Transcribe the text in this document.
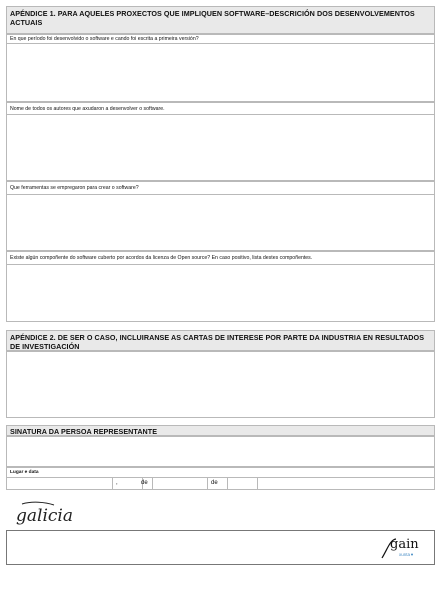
APÉNDICE 1. PARA AQUELES PROXECTOS QUE IMPLIQUEN SOFTWARE–DESCRICIÓN DOS DESENVOLVEMENTOS ACTUAIS
En que período foi desenvolvido o software e cando foi escrita a primeira versión?
Nome de todos os autores que axudaron a desenvolver o software.
Que ferramentas se empregaron para crear o software?
Existe algún compoñente do software cuberto por acordos da licenza de Open source? En caso positivo, lista destes compoñentes.
APÉNDICE 2. DE SER O CASO, INCLUIRANSE AS CARTAS DE INTERESE POR PARTE DA INDUSTRIA EN RESULTADOS DE INVESTIGACIÓN
SINATURA DA PERSOA REPRESENTANTE
Lugar e data
,	de	de
galicia
gain
xunta
